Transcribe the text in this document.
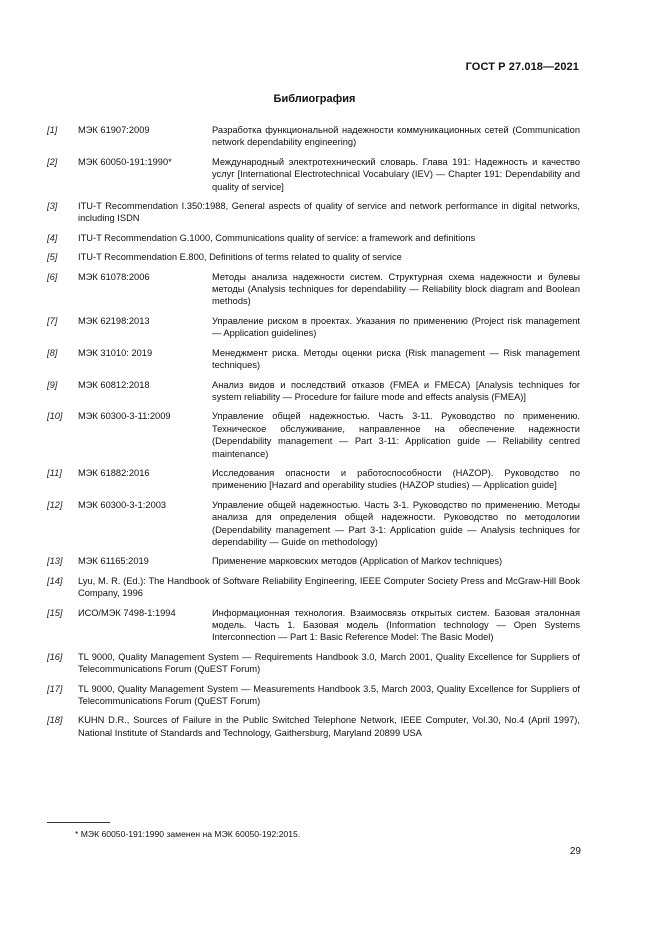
ГОСТ Р 27.018—2021
Библиография
[1]	МЭК 61907:2009	Разработка функциональной надежности коммуникационных сетей (Communication network dependability engineering)
[2]	МЭК 60050-191:1990*	Международный электротехнический словарь. Глава 191: Надежность и качество услуг [International Electrotechnical Vocabulary (IEV) — Chapter 191: Dependability and quality of service]
[3]	ITU-T Recommendation I.350:1988, General aspects of quality of service and network performance in digital networks, including ISDN
[4]	ITU-T Recommendation G.1000, Communications quality of service: a framework and definitions
[5]	ITU-T Recommendation E.800, Definitions of terms related to quality of service
[6]	МЭК 61078:2006	Методы анализа надежности систем. Структурная схема надежности и булевы методы (Analysis techniques for dependability — Reliability block diagram and Boolean methods)
[7]	МЭК 62198:2013	Управление риском в проектах. Указания по применению (Project risk management — Application guidelines)
[8]	МЭК 31010: 2019	Менеджмент риска. Методы оценки риска (Risk management — Risk management techniques)
[9]	МЭК 60812:2018	Анализ видов и последствий отказов (FMEA и FMECA) [Analysis techniques for system reliability — Procedure for failure mode and effects analysis (FMEA)]
[10]	МЭК 60300-3-11:2009	Управление общей надежностью. Часть 3-11. Руководство по применению. Техническое обслуживание, направленное на обеспечение надежности (Dependability management — Part 3-11: Application guide — Reliability centred maintenance)
[11]	МЭК 61882:2016	Исследования опасности и работоспособности (HAZOP). Руководство по применению [Hazard and operability studies (HAZOP studies) — Application guide]
[12]	МЭК 60300-3-1:2003	Управление общей надежностью. Часть 3-1. Руководство по применению. Методы анализа для определения общей надежности. Руководство по методологии (Dependability management — Part 3-1: Application guide — Analysis techniques for dependability — Guide on methodology)
[13]	МЭК 61165:2019	Применение марковских методов (Application of Markov techniques)
[14]	Lyu, M. R. (Ed.): The Handbook of Software Reliability Engineering, IEEE Computer Society Press and McGraw-Hill Book Company, 1996
[15]	ИСО/МЭК 7498-1:1994	Информационная технология. Взаимосвязь открытых систем. Базовая эталонная модель. Часть 1. Базовая модель (Information technology — Open Systems Interconnection — Part 1: Basic Reference Model: The Basic Model)
[16]	TL 9000, Quality Management System — Requirements Handbook 3.0, March 2001, Quality Excellence for Suppliers of Telecommunications Forum (QuEST Forum)
[17]	TL 9000, Quality Management System — Measurements Handbook 3.5, March 2003, Quality Excellence for Suppliers of Telecommunications Forum (QuEST Forum)
[18]	KUHN D.R., Sources of Failure in the Public Switched Telephone Network, IEEE Computer, Vol.30, No.4 (April 1997), National Institute of Standards and Technology, Gaithersburg, Maryland 20899 USA
* МЭК 60050-191:1990 заменен на МЭК 60050-192:2015.
29
